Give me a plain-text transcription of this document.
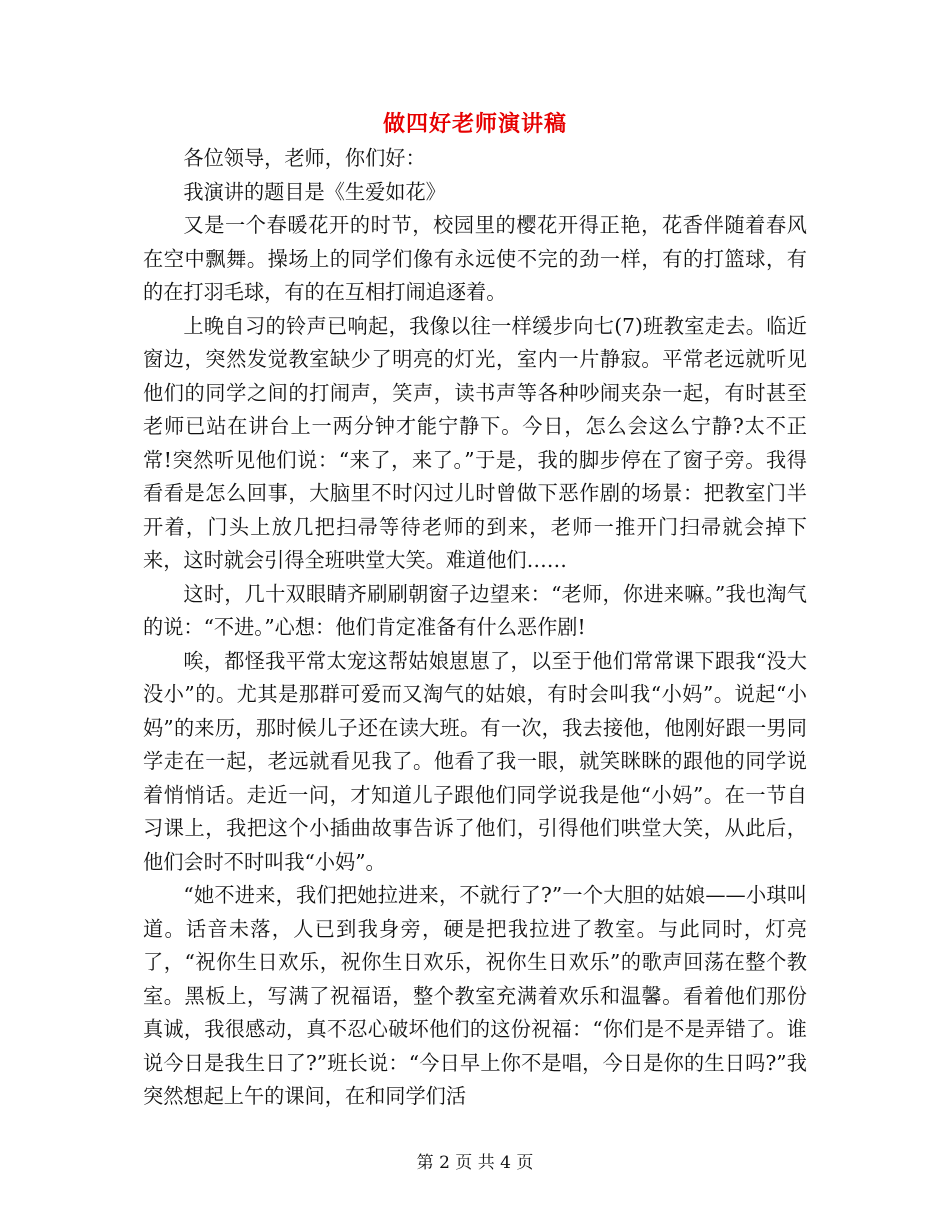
做四好老师演讲稿

各位领导，老师，你们好：

我演讲的题目是《生爱如花》

又是一个春暖花开的时节，校园里的樱花开得正艳，花香伴随着春风在空中飘舞。操场上的同学们像有永远使不完的劲一样，有的打篮球，有的在打羽毛球，有的在互相打闹追逐着。

上晚自习的铃声已响起，我像以往一样缓步向七(7)班教室走去。临近窗边，突然发觉教室缺少了明亮的灯光，室内一片静寂。平常老远就听见他们的同学之间的打闹声，笑声，读书声等各种吵闹夹杂一起，有时甚至老师已站在讲台上一两分钟才能宁静下。今日，怎么会这么宁静?太不正常!突然听见他们说：“来了，来了。”于是，我的脚步停在了窗子旁。我得看看是怎么回事，大脑里不时闪过儿时曾做下恶作剧的场景：把教室门半开着，门头上放几把扫帚等待老师的到来，老师一推开门扫帚就会掉下来，这时就会引得全班哄堂大笑。难道他们……

这时，几十双眼睛齐刷刷朝窗子边望来：“老师，你进来嘛。”我也淘气的说：“不进。”心想：他们肯定准备有什么恶作剧!

唉，都怪我平常太宠这帮姑娘崽崽了，以至于他们常常课下跟我“没大没小”的。尤其是那群可爱而又淘气的姑娘，有时会叫我“小妈”。说起“小妈”的来历，那时候儿子还在读大班。有一次，我去接他，他刚好跟一男同学走在一起，老远就看见我了。他看了我一眼，就笑眯眯的跟他的同学说着悄悄话。走近一问，才知道儿子跟他们同学说我是他“小妈”。在一节自习课上，我把这个小插曲故事告诉了他们，引得他们哄堂大笑，从此后，他们会时不时叫我“小妈”。

“她不进来，我们把她拉进来，不就行了?”一个大胆的姑娘——小琪叫道。话音未落，人已到我身旁，硬是把我拉进了教室。与此同时，灯亮了，“祝你生日欢乐，祝你生日欢乐，祝你生日欢乐”的歌声回荡在整个教室。黑板上，写满了祝福语，整个教室充满着欢乐和温馨。看着他们那份真诚，我很感动，真不忍心破坏他们的这份祝福：“你们是不是弄错了。谁说今日是我生日了?”班长说：“今日早上你不是唱，今日是你的生日吗?”我突然想起上午的课间，在和同学们活

第 2 页 共 4 页
